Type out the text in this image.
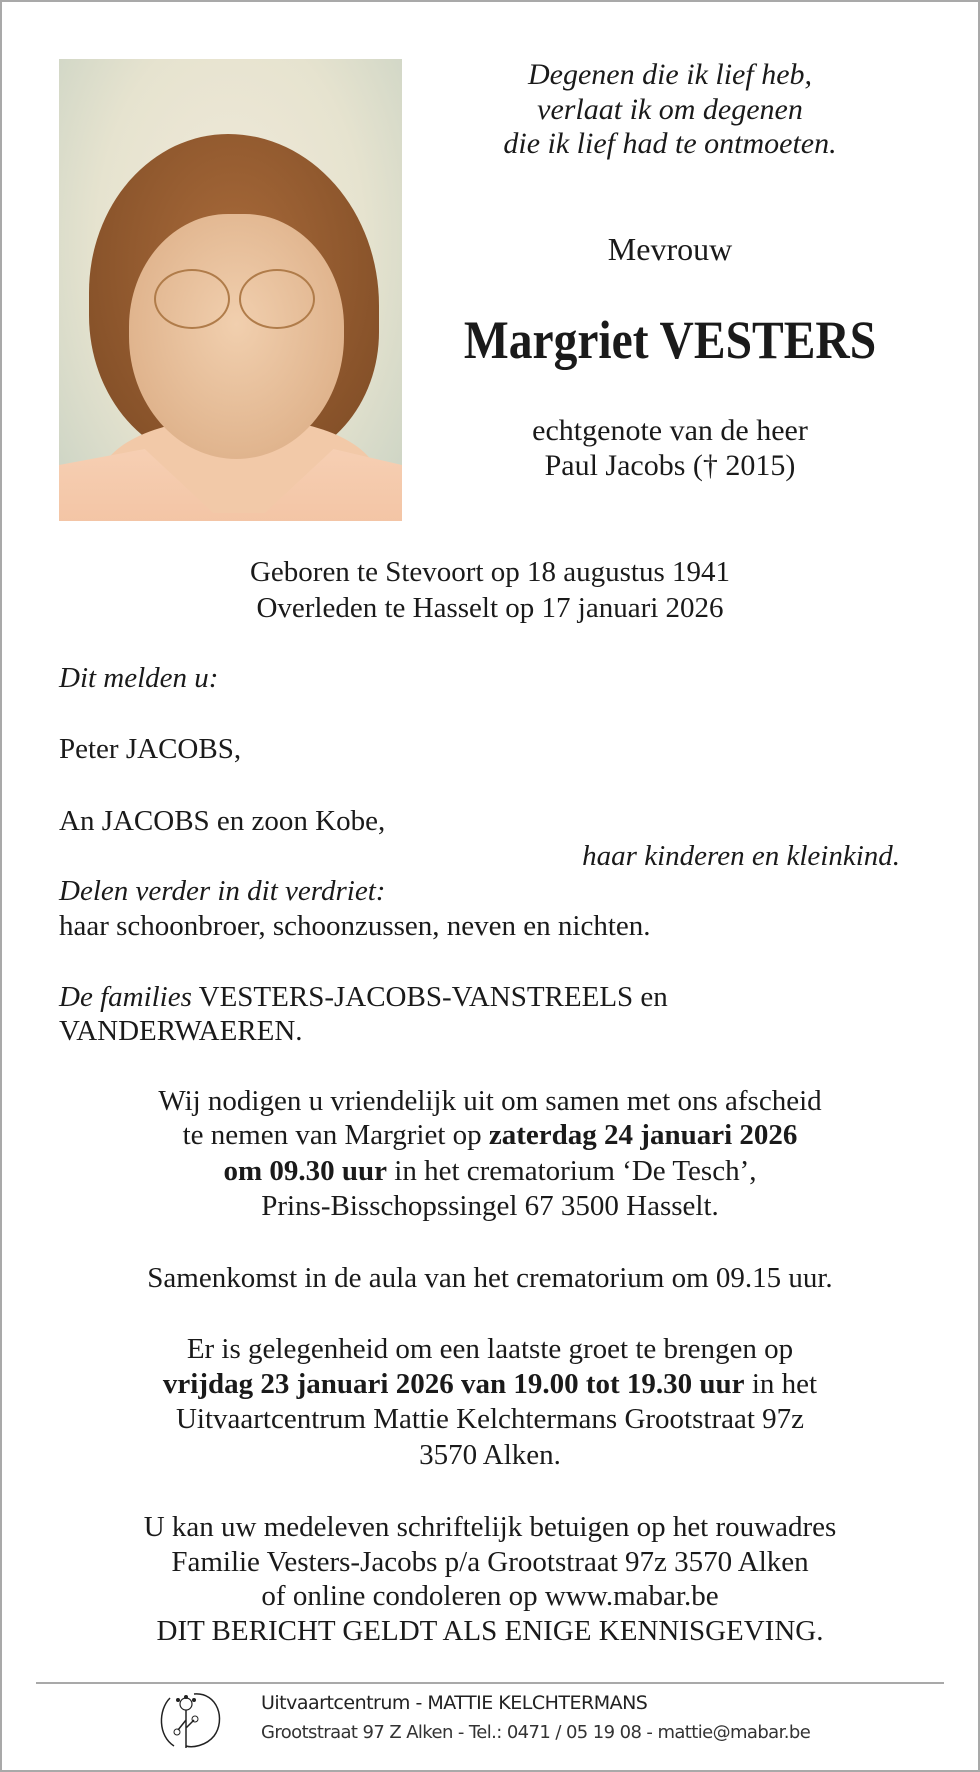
Degenen die ik lief heb,
verlaat ik om degenen
die ik lief had te ontmoeten.
Mevrouw
Margriet VESTERS
echtgenote van de heer
Paul Jacobs († 2015)
Geboren te Stevoort op 18 augustus 1941
Overleden te Hasselt op 17 januari 2026
Dit melden u:
Peter JACOBS,
An JACOBS en zoon Kobe,
haar kinderen en kleinkind.
Delen verder in dit verdriet:
haar schoonbroer, schoonzussen, neven en nichten.
De families VESTERS-JACOBS-VANSTREELS en
VANDERWAEREN.
Wij nodigen u vriendelijk uit om samen met ons afscheid
te nemen van Margriet op zaterdag 24 januari 2026
om 09.30 uur in het crematorium ‘De Tesch’,
Prins-Bisschopssingel 67 3500 Hasselt.
Samenkomst in de aula van het crematorium om 09.15 uur.
Er is gelegenheid om een laatste groet te brengen op
vrijdag 23 januari 2026 van 19.00 tot 19.30 uur in het
Uitvaartcentrum Mattie Kelchtermans Grootstraat 97z
3570 Alken.
U kan uw medeleven schriftelijk betuigen op het rouwadres
Familie Vesters-Jacobs p/a Grootstraat 97z 3570 Alken
of online condoleren op www.mabar.be
DIT BERICHT GELDT ALS ENIGE KENNISGEVING.
Uitvaartcentrum - MATTIE KELCHTERMANS
Grootstraat 97 Z Alken - Tel.: 0471 / 05 19 08 - mattie@mabar.be
